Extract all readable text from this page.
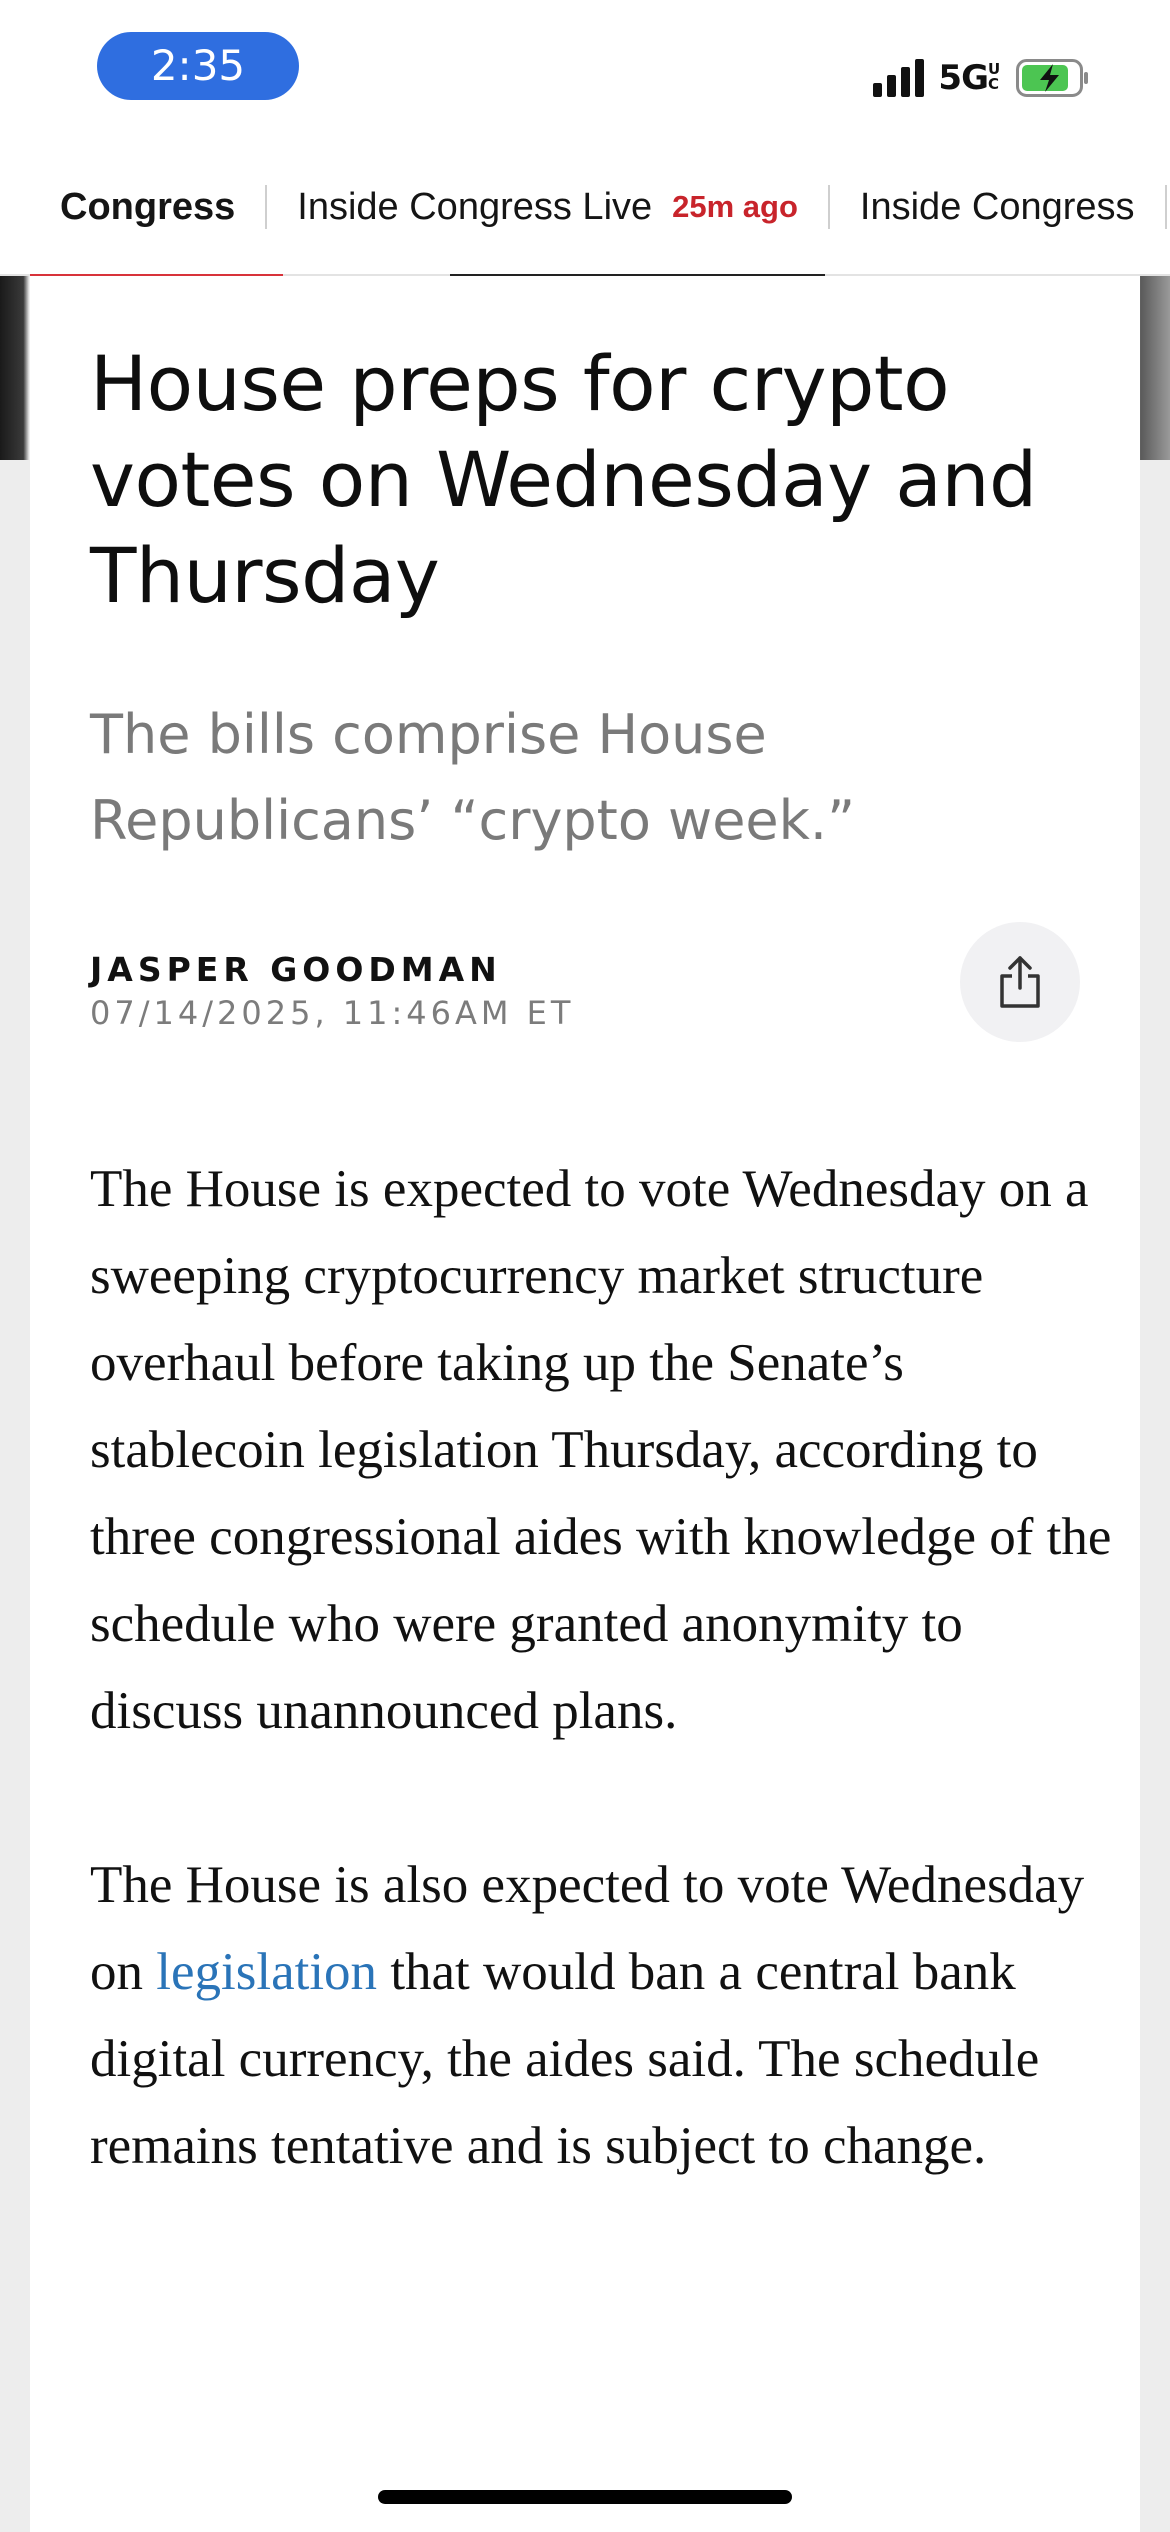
2:35	5GUC
Congress Inside Congress Live 25m ago Inside Congress
House preps for crypto votes on Wednesday and Thursday

The bills comprise House Republicans’ “crypto week.”

JASPER GOODMAN
07/14/2025, 11:46AM ET

The House is expected to vote Wednesday on a sweeping cryptocurrency market structure overhaul before taking up the Senate’s stablecoin legislation Thursday, according to three congressional aides with knowledge of the schedule who were granted anonymity to discuss unannounced plans.

The House is also expected to vote Wednesday on legislation that would ban a central bank digital currency, the aides said. The schedule remains tentative and is subject to change.
